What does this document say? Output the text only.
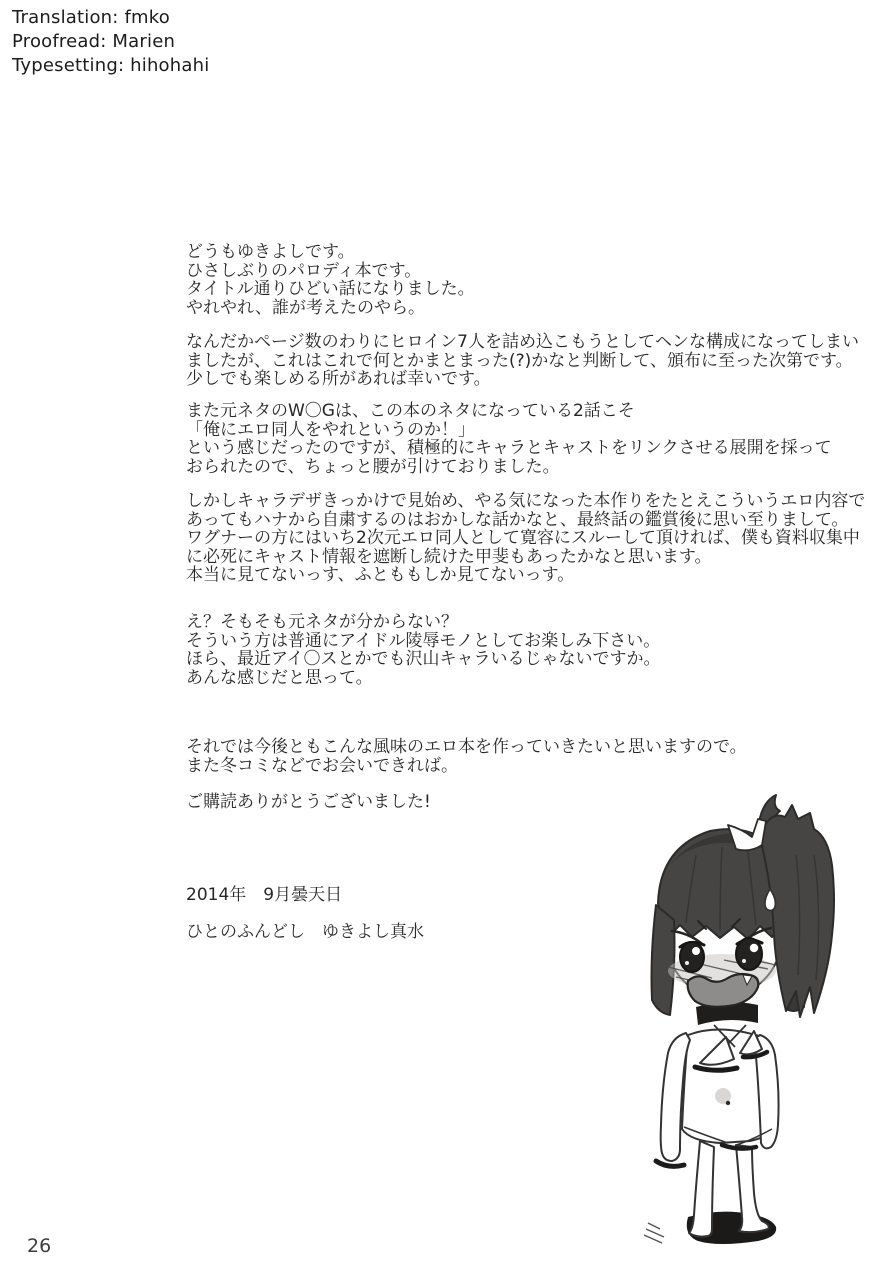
Translation: fmko
Proofread: Marien
Typesetting: hihohahi
どうもゆきよしです。
ひさしぶりのパロディ本です。
タイトル通りひどい話になりました。
やれやれ、誰が考えたのやら。
なんだかページ数のわりにヒロイン7人を詰め込こもうとしてヘンな構成になってしまい
ましたが、これはこれで何とかまとまった(?)かなと判断して、頒布に至った次第です。
少しでも楽しめる所があれば幸いです。
また元ネタのW〇Gは、この本のネタになっている2話こそ
「俺にエロ同人をやれというのか！」
という感じだったのですが、積極的にキャラとキャストをリンクさせる展開を採って
おられたので、ちょっと腰が引けておりました。
しかしキャラデザきっかけで見始め、やる気になった本作りをたとえこういうエロ内容で
あってもハナから自粛するのはおかしな話かなと、最終話の鑑賞後に思い至りまして。
ワグナーの方にはいち2次元エロ同人として寛容にスルーして頂ければ、僕も資料収集中
に必死にキャスト情報を遮断し続けた甲斐もあったかなと思います。
本当に見てないっす、ふとももしか見てないっす。
え？そもそも元ネタが分からない？
そういう方は普通にアイドル陵辱モノとしてお楽しみ下さい。
ほら、最近アイ〇スとかでも沢山キャラいるじゃないですか。
あんな感じだと思って。
それでは今後ともこんな風味のエロ本を作っていきたいと思いますので。
また冬コミなどでお会いできれば。
ご購読ありがとうございました!
2014年　9月曇天日
ひとのふんどし　ゆきよし真水
26
